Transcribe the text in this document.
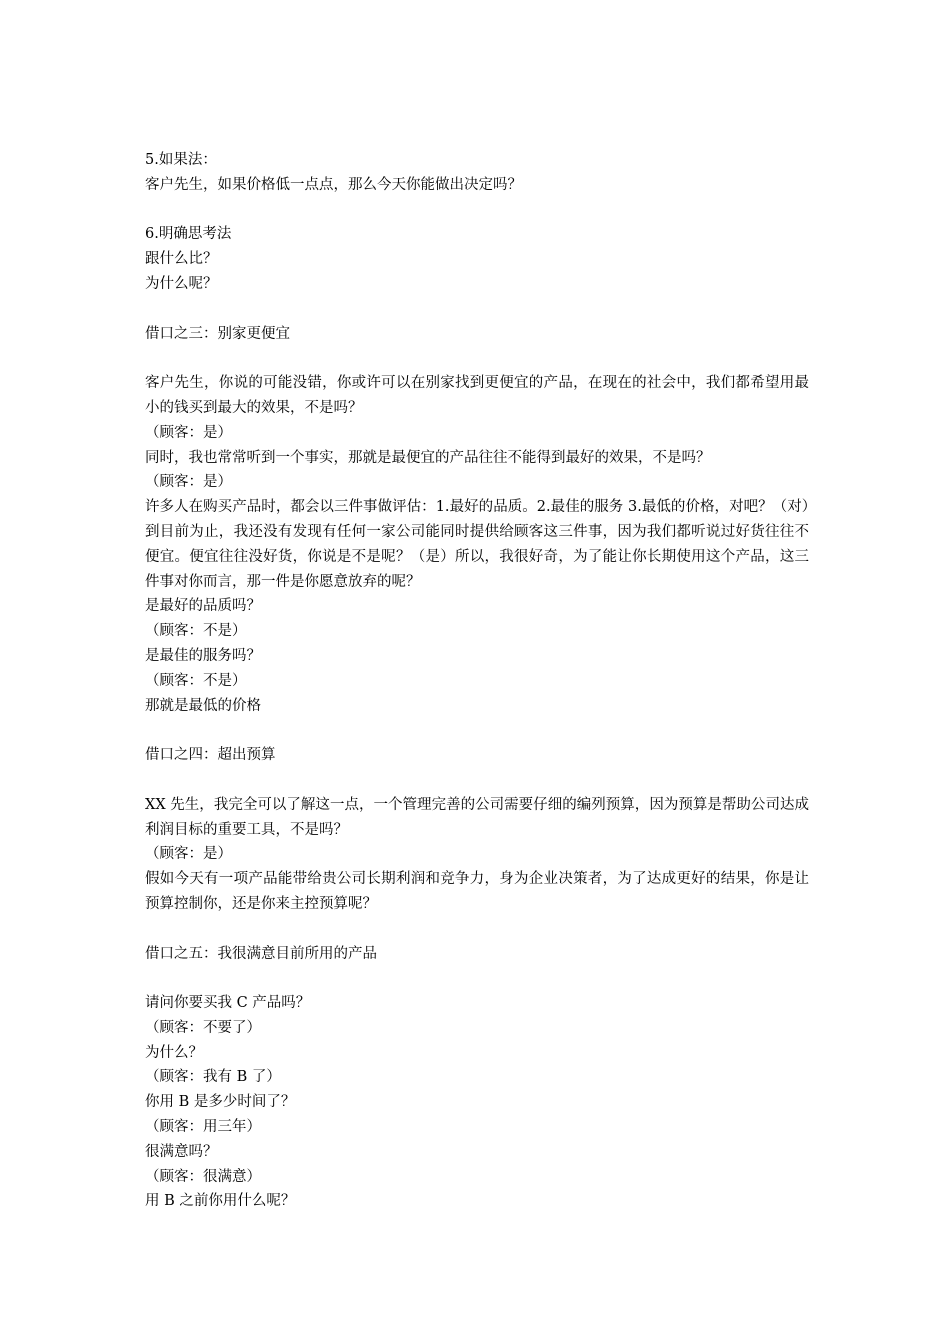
5.如果法：

客户先生，如果价格低一点点，那么今天你能做出决定吗？

6.明确思考法

跟什么比？

为什么呢？

借口之三：别家更便宜

客户先生，你说的可能没错，你或许可以在别家找到更便宜的产品，在现在的社会中，我们都希望用最小的钱买到最大的效果，不是吗？

（顾客：是）

同时，我也常常听到一个事实，那就是最便宜的产品往往不能得到最好的效果，不是吗？

（顾客：是）

许多人在购买产品时，都会以三件事做评估：1.最好的品质。2.最佳的服务 3.最低的价格，对吧？（对）到目前为止，我还没有发现有任何一家公司能同时提供给顾客这三件事，因为我们都听说过好货往往不便宜。便宜往往没好货，你说是不是呢？（是）所以，我很好奇，为了能让你长期使用这个产品，这三件事对你而言，那一件是你愿意放弃的呢？

是最好的品质吗？

（顾客：不是）

是最佳的服务吗？

（顾客：不是）

那就是最低的价格

借口之四：超出预算

XX 先生，我完全可以了解这一点，一个管理完善的公司需要仔细的编列预算，因为预算是帮助公司达成利润目标的重要工具，不是吗？

（顾客：是）

假如今天有一项产品能带给贵公司长期利润和竞争力，身为企业决策者，为了达成更好的结果，你是让预算控制你，还是你来主控预算呢？

借口之五：我很满意目前所用的产品

请问你要买我 C 产品吗？

（顾客：不要了）

为什么？

（顾客：我有 B 了）

你用 B 是多少时间了？

（顾客：用三年）

很满意吗？

（顾客：很满意）

用 B 之前你用什么呢？
